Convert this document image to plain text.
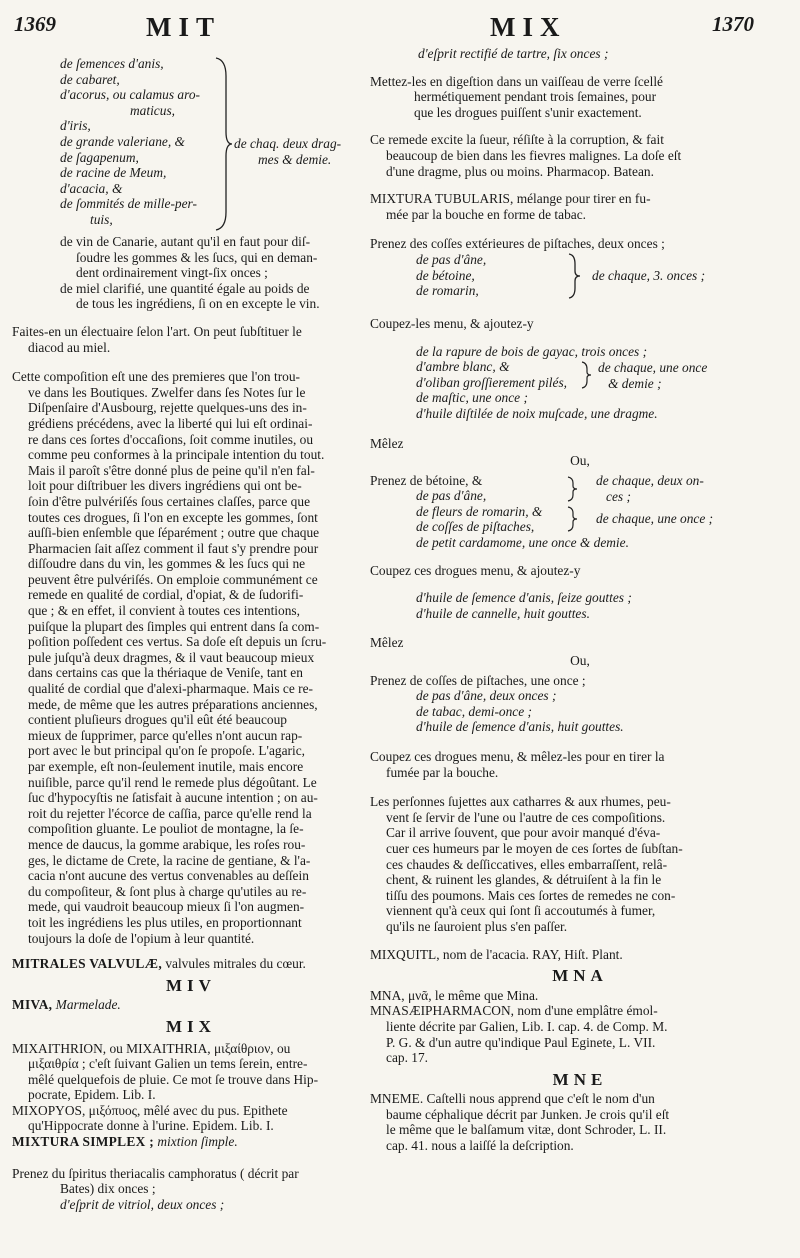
1369	MIT	MIX	1370
de ſemences d'anis,
de cabaret,
d'acorus, ou calamus aro-
maticus,
d'iris,
de grande valeriane, &
de ſagapenum,
de racine de Meum,
d'acacia, &
de ſommités de mille-per-
tuis,
de chaq. deux drag-
mes & demie.
de vin de Canarie, autant qu'il en faut pour diſ-
ſoudre les gommes & les ſucs, qui en deman-
dent ordinairement vingt-ſix onces ;
de miel clarifié, une quantité égale au poids de
de tous les ingrédiens, ſi on en excepte le vin.
Faites-en un électuaire ſelon l'art. On peut ſubſtituer le
diacod au miel.
Cette compoſition eſt une des premieres que l'on trou-
ve dans les Boutiques. Zwelfer dans ſes Notes ſur le
Diſpenſaire d'Ausbourg, rejette quelques-uns des in-
grédiens précédens, avec la liberté qui lui eſt ordinai-
re dans ces ſortes d'occaſions, ſoit comme inutiles, ou
comme peu conformes à la principale intention du tout.
Mais il paroît s'être donné plus de peine qu'il n'en fal-
loit pour diſtribuer les divers ingrédiens qui ont be-
ſoin d'être pulvériſés ſous certaines claſſes, parce que
toutes ces drogues, ſi l'on en excepte les gommes, ſont
auſſi-bien enſemble que ſéparément ; outre que chaque
Pharmacien ſait aſſez comment il faut s'y prendre pour
diſſoudre dans du vin, les gommes & les ſucs qui ne
peuvent être pulvériſés. On emploie communément ce
remede en qualité de cordial, d'opiat, & de ſudorifi-
que ; & en effet, il convient à toutes ces intentions,
puiſque la plupart des ſimples qui entrent dans ſa com-
poſition poſſedent ces vertus. Sa doſe eſt depuis un ſcru-
pule juſqu'à deux dragmes, & il vaut beaucoup mieux
dans certains cas que la thériaque de Veniſe, tant en
qualité de cordial que d'alexi-pharmaque. Mais ce re-
mede, de même que les autres préparations anciennes,
contient pluſieurs drogues qu'il eût été beaucoup
mieux de ſupprimer, parce qu'elles n'ont aucun rap-
port avec le but principal qu'on ſe propoſe. L'agaric,
par exemple, eſt non-ſeulement inutile, mais encore
nuiſible, parce qu'il rend le remede plus dégoûtant. Le
ſuc d'hypocyſtis ne ſatisfait à aucune intention ; on au-
roit du rejetter l'écorce de caſſia, parce qu'elle rend la
compoſition gluante. Le pouliot de montagne, la ſe-
mence de daucus, la gomme arabique, les roſes rou-
ges, le dictame de Crete, la racine de gentiane, & l'a-
cacia n'ont aucune des vertus convenables au deſſein
du compoſiteur, & ſont plus à charge qu'utiles au re-
mede, qui vaudroit beaucoup mieux ſi l'on augmen-
toit les ingrédiens les plus utiles, en proportionnant
toujours la doſe de l'opium à leur quantité.
MITRALES VALVULÆ, valvules mitrales du cœur.
MIV
MIVA, Marmelade.
MIX
MIXAITHRION, ou MIXAITHRIA, μιξαίθριον, ou
μιξαιθρία ; c'eſt ſuivant Galien un tems ſerein, entre-
mêlé quelquefois de pluie. Ce mot ſe trouve dans Hip-
pocrate, Epidem. Lib. I.
MIXOPYOS, μιξόπυος, mêlé avec du pus. Epithete
qu'Hippocrate donne à l'urine. Epidem. Lib. I.
MIXTURA SIMPLEX ; mixtion ſimple.
Prenez du ſpiritus theriacalis camphoratus ( décrit par
Bates) dix onces ;
d'eſprit de vitriol, deux onces ;
d'eſprit rectifié de tartre, ſix onces ;
Mettez-les en digeſtion dans un vaiſſeau de verre ſcellé
hermétiquement pendant trois ſemaines, pour
que les drogues puiſſent s'unir exactement.
Ce remede excite la ſueur, réſiſte à la corruption, & fait
beaucoup de bien dans les fievres malignes. La doſe eſt
d'une dragme, plus ou moins. Pharmacop. Batean.
MIXTURA TUBULARIS, mélange pour tirer en fu-
mée par la bouche en forme de tabac.
Prenez des coſſes extérieures de piſtaches, deux onces ;
de pas d'âne,
de bétoine,
de romarin,
de chaque, 3. onces ;
Coupez-les menu, & ajoutez-y
de la rapure de bois de gayac, trois onces ;
d'ambre blanc, &
d'oliban groſſierement pilés,
de maſtic, une once ;
d'huile diſtilée de noix muſcade, une dragme.
de chaque, une once
& demie ;
Mêlez
Ou,
Prenez de bétoine, &
de pas d'âne,
de fleurs de romarin, &
de coſſes de piſtaches,
de petit cardamome, une once & demie.
de chaque, deux on-
ces ;
de chaque, une once ;
Coupez ces drogues menu, & ajoutez-y
d'huile de ſemence d'anis, ſeize gouttes ;
d'huile de cannelle, huit gouttes.
Mêlez
Ou,
Prenez de coſſes de piſtaches, une once ;
de pas d'âne, deux onces ;
de tabac, demi-once ;
d'huile de ſemence d'anis, huit gouttes.
Coupez ces drogues menu, & mêlez-les pour en tirer la
fumée par la bouche.
Les perſonnes ſujettes aux catharres & aux rhumes, peu-
vent ſe ſervir de l'une ou l'autre de ces compoſitions.
Car il arrive ſouvent, que pour avoir manqué d'éva-
cuer ces humeurs par le moyen de ces ſortes de ſubſtan-
ces chaudes & deſſiccatives, elles embarraſſent, relâ-
chent, & ruinent les glandes, & détruiſent à la fin le
tiſſu des poumons. Mais ces ſortes de remedes ne con-
viennent qu'à ceux qui ſont ſi accoutumés à fumer,
qu'ils ne ſauroient plus s'en paſſer.
MIXQUITL, nom de l'acacia. RAY, Hiſt. Plant.
MNA
MNA, μνᾶ, le même que Mina.
MNASÆIPHARMACON, nom d'une emplâtre émol-
liente décrite par Galien, Lib. I. cap. 4. de Comp. M.
P. G. & d'un autre qu'indique Paul Eginete, L. VII.
cap. 17.
MNE
MNEME. Caſtelli nous apprend que c'eſt le nom d'un
baume céphalique décrit par Junken. Je crois qu'il eſt
le même que le balſamum vitæ, dont Schroder, L. II.
cap. 41. nous a laiſſé la deſcription.
